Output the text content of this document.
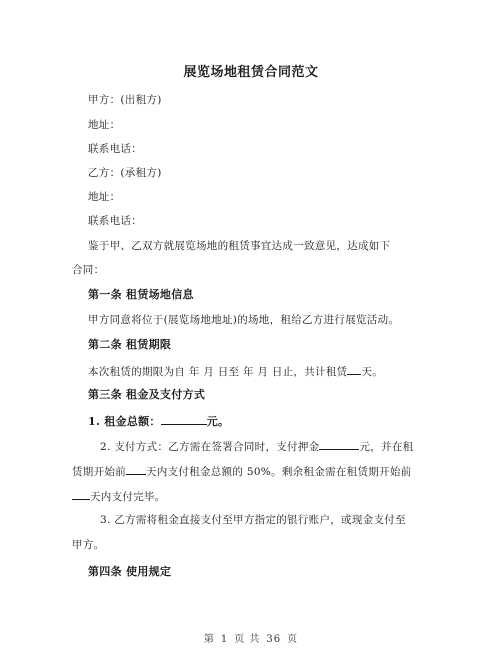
展览场地租赁合同范文
甲方：(出租方)
地址：
联系电话：
乙方：(承租方)
地址：
联系电话：
鉴于甲、乙双方就展览场地的租赁事宜达成一致意见，达成如下
合同：
第一条 租赁场地信息
甲方同意将位于(展览场地地址)的场地，租给乙方进行展览活动。
第二条 租赁期限
本次租赁的期限为自 年 月 日至 年 月 日止，共计租赁 天。
第三条 租金及支付方式
1. 租金总额：	元。
2. 支付方式：乙方需在签署合同时，支付押金	元，并在租
赁期开始前 天内支付租金总额的 50%。剩余租金需在租赁期开始前
天内支付完毕。
3. 乙方需将租金直接支付至甲方指定的银行账户，或现金支付至
甲方。
第四条 使用规定
第 1 页 共 36 页
